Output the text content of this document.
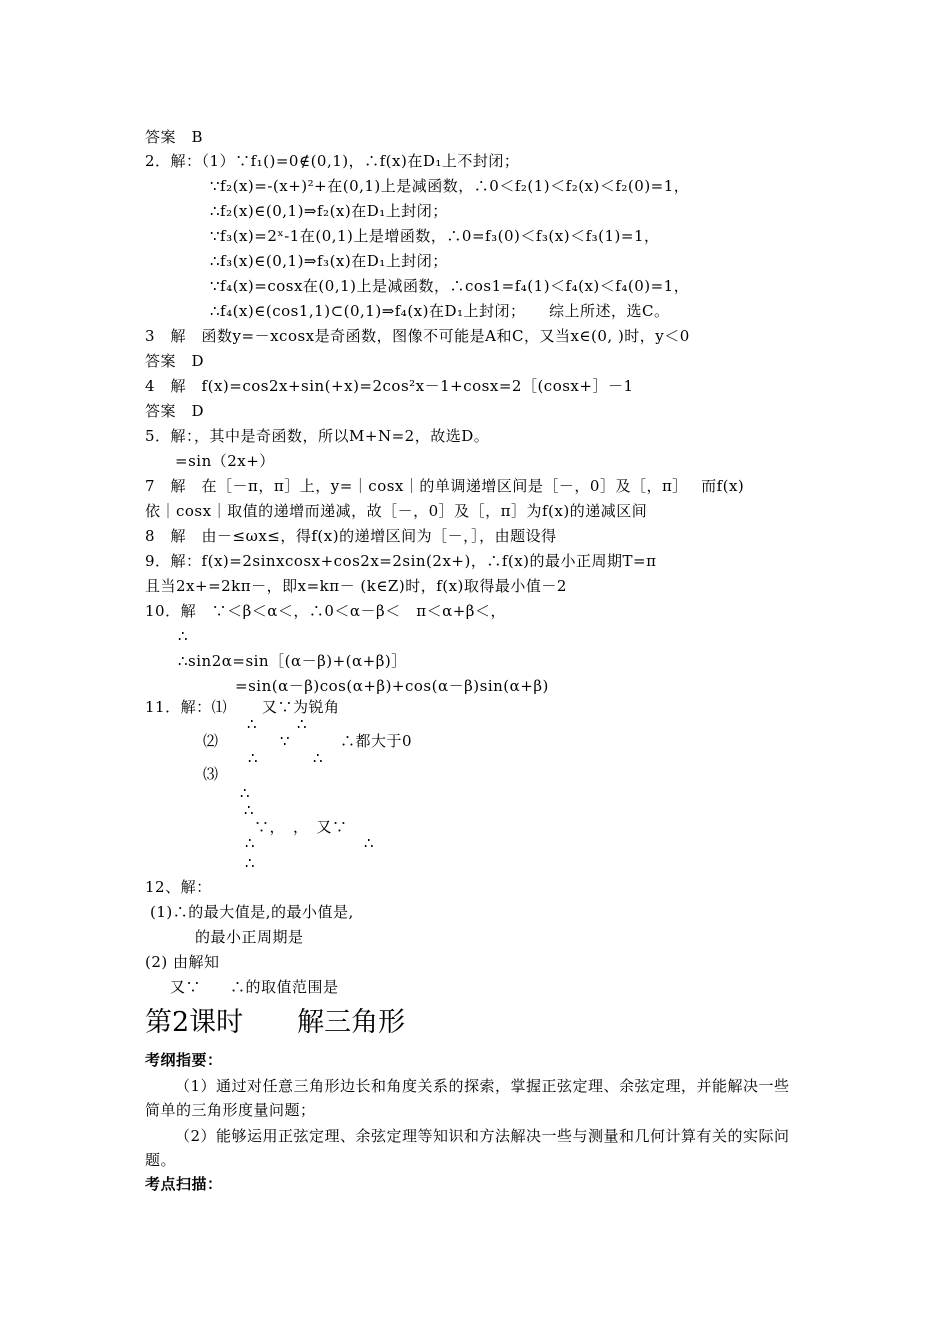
答案　B
2．解：（1）∵f₁()=0∉(0,1)，∴f(x)在D₁上不封闭；
∵f₂(x)=-(x+)²+在(0,1)上是减函数，∴0＜f₂(1)＜f₂(x)＜f₂(0)=1，
∴f₂(x)∈(0,1)⇒f₂(x)在D₁上封闭；
∵f₃(x)=2ˣ-1在(0,1)上是增函数，∴0=f₃(0)＜f₃(x)＜f₃(1)=1，
∴f₃(x)∈(0,1)⇒f₃(x)在D₁上封闭；
∵f₄(x)=cosx在(0,1)上是减函数，∴cos1=f₄(1)＜f₄(x)＜f₄(0)=1，
∴f₄(x)∈(cos1,1)⊂(0,1)⇒f₄(x)在D₁上封闭；　　综上所述，选C。
3　解　函数y=－xcosx是奇函数，图像不可能是A和C，又当x∈(0, )时，y＜0
答案　D
4　解　f(x)=cos2x+sin(+x)=2cos²x－1+cosx=2［(cosx+］－1
答案　D
5．解：，其中是奇函数，所以M+N=2，故选D。
=sin（2x+）
7　解　在［－π，π］上，y=｜cosx｜的单调递增区间是［－，0］及［，π］　 而f(x)
依｜cosx｜取值的递增而递减，故［－，0］及［，π］为f(x)的递减区间
8　解　由－≤ωx≤，得f(x)的递增区间为［－，］，由题设得
9．解：f(x)=2sinxcosx+cos2x=2sin(2x+)，∴f(x)的最小正周期T=π
且当2x+=2kπ－，即x=kπ－ (k∈Z)时，f(x)取得最小值－2
10．解　∵＜β＜α＜，∴0＜α－β＜　π＜α+β＜，
∴
∴sin2α=sin［(α－β)+(α+β)］
=sin(α－β)cos(α+β)+cos(α－β)sin(α+β)
11．解：⑴ 又∵为锐角
∴	∴
⑵	∵	∴都大于0
∴	∴
⑶
∴
∴
∵，　，　又∵
∴	∴
∴
12、解：
(1)∴的最大值是,的最小值是,
的最小正周期是
(2) 由解知
又∵ ∴的取值范围是
第2课时　　解三角形
考纲指要：
（1）通过对任意三角形边长和角度关系的探索，掌握正弦定理、余弦定理，并能解决一些简单的三角形度量问题；
（2）能够运用正弦定理、余弦定理等知识和方法解决一些与测量和几何计算有关的实际问题。
考点扫描：
